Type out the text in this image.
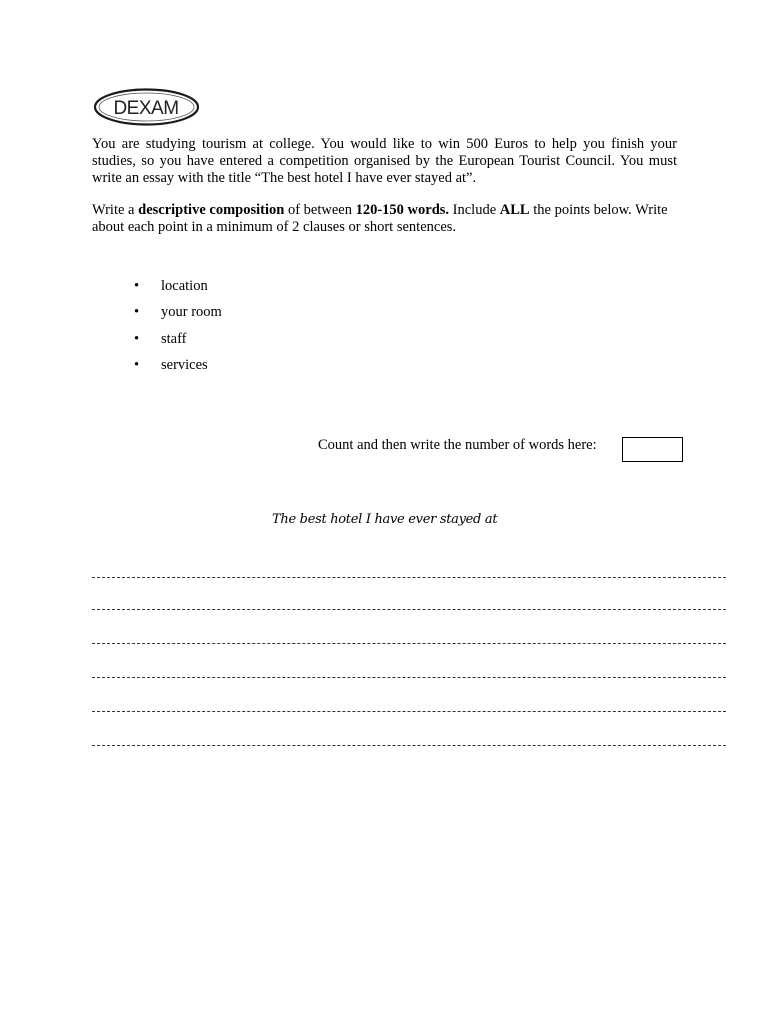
DEXAM

You are studying tourism at college. You would like to win 500 Euros to help you finish your studies, so you have entered a competition organised by the European Tourist Council. You must write an essay with the title “The best hotel I have ever stayed at”.

Write a descriptive composition of between 120-150 words. Include ALL the points below. Write about each point in a minimum of 2 clauses or short sentences.

• location
• your room
• staff
• services

Count and then write the number of words here:

The best hotel I have ever stayed at
